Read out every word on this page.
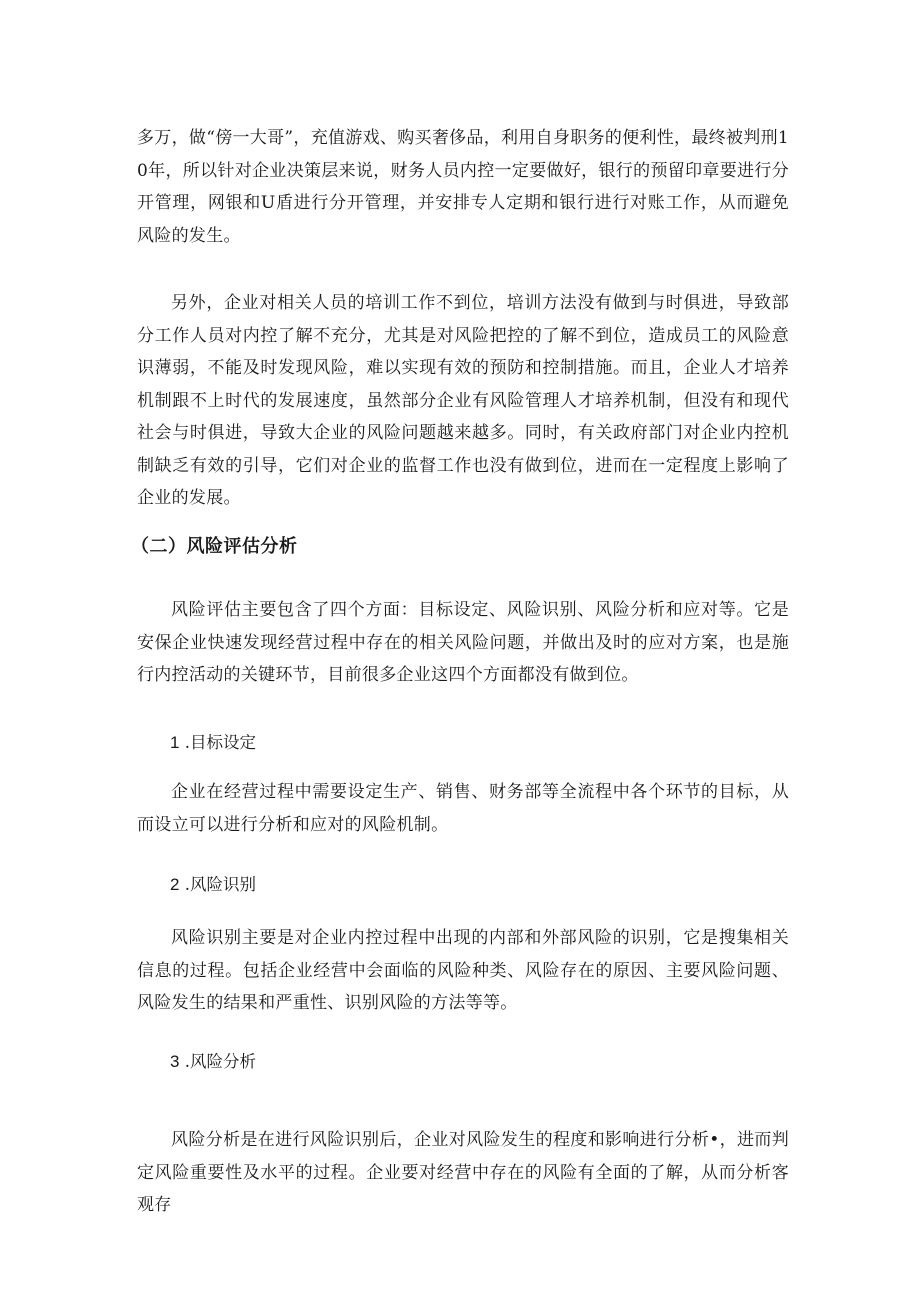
多万，做“傍一大哥”，充值游戏、购买奢侈品，利用自身职务的便利性，最终被判刑10年，所以针对企业决策层来说，财务人员内控一定要做好，银行的预留印章要进行分开管理，网银和U盾进行分开管理，并安排专人定期和银行进行对账工作，从而避免风险的发生。

另外，企业对相关人员的培训工作不到位，培训方法没有做到与时俱进，导致部分工作人员对内控了解不充分，尤其是对风险把控的了解不到位，造成员工的风险意识薄弱，不能及时发现风险，难以实现有效的预防和控制措施。而且，企业人才培养机制跟不上时代的发展速度，虽然部分企业有风险管理人才培养机制，但没有和现代社会与时俱进，导致大企业的风险问题越来越多。同时，有关政府部门对企业内控机制缺乏有效的引导，它们对企业的监督工作也没有做到位，进而在一定程度上影响了企业的发展。

（二）风险评估分析

风险评估主要包含了四个方面：目标设定、风险识别、风险分析和应对等。它是安保企业快速发现经营过程中存在的相关风险问题，并做出及时的应对方案，也是施行内控活动的关键环节，目前很多企业这四个方面都没有做到位。

1 .目标设定

企业在经营过程中需要设定生产、销售、财务部等全流程中各个环节的目标，从而设立可以进行分析和应对的风险机制。

2 .风险识别

风险识别主要是对企业内控过程中出现的内部和外部风险的识别，它是搜集相关信息的过程。包括企业经营中会面临的风险种类、风险存在的原因、主要风险问题、风险发生的结果和严重性、识别风险的方法等等。

3 .风险分析

风险分析是在进行风险识别后，企业对风险发生的程度和影响进行分析•，进而判定风险重要性及水平的过程。企业要对经营中存在的风险有全面的了解，从而分析客观存
